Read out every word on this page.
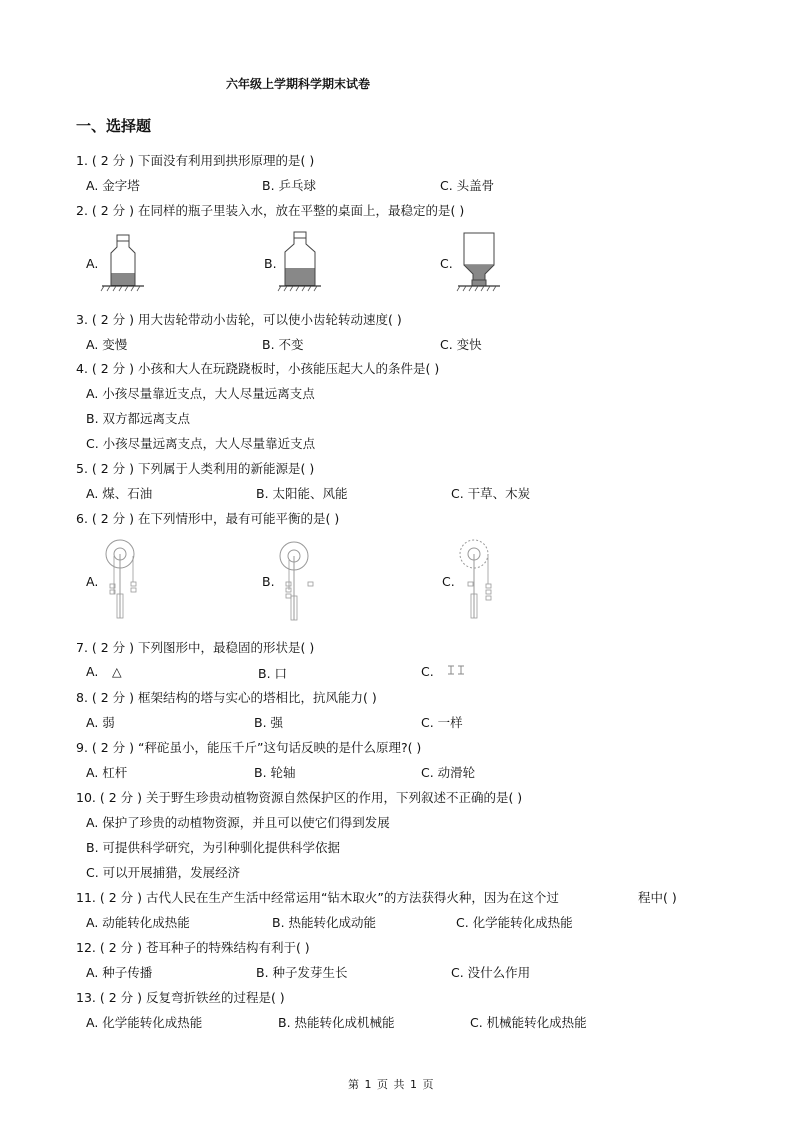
六年级上学期科学期末试卷
一、选择题
1. ( 2 分 ) 下面没有利用到拱形原理的是( )
A. 金字塔	B. 乒乓球	C. 头盖骨
2. ( 2 分 ) 在同样的瓶子里装入水，放在平整的桌面上，最稳定的是( )
A.	B.	C.
3. ( 2 分 ) 用大齿轮带动小齿轮，可以使小齿轮转动速度( )
A. 变慢	B. 不变	C. 变快
4. ( 2 分 ) 小孩和大人在玩跷跷板时，小孩能压起大人的条件是( )
A. 小孩尽量靠近支点，大人尽量远离支点
B. 双方都远离支点
C. 小孩尽量远离支点，大人尽量靠近支点
5. ( 2 分 ) 下列属于人类利用的新能源是( )
A. 煤、石油	B. 太阳能、风能	C. 干草、木炭
6. ( 2 分 ) 在下列情形中，最有可能平衡的是( )
A.	B.	C.
7. ( 2 分 ) 下列图形中，最稳固的形状是( )
A. △	B. 口	C.
8. ( 2 分 ) 框架结构的塔与实心的塔相比，抗风能力( )
A. 弱	B. 强	C. 一样
9. ( 2 分 ) “秤砣虽小，能压千斤”这句话反映的是什么原理?( )
A. 杠杆	B. 轮轴	C. 动滑轮
10. ( 2 分 ) 关于野生珍贵动植物资源自然保护区的作用，下列叙述不正确的是( )
A. 保护了珍贵的动植物资源，并且可以使它们得到发展
B. 可提供科学研究，为引种驯化提供科学依据
C. 可以开展捕猎，发展经济
11. ( 2 分 ) 古代人民在生产生活中经常运用“钻木取火”的方法获得火种，因为在这个过	程中( )
A. 动能转化成热能	B. 热能转化成动能	C. 化学能转化成热能
12. ( 2 分 ) 苍耳种子的特殊结构有利于( )
A. 种子传播	B. 种子发芽生长	C. 没什么作用
13. ( 2 分 ) 反复弯折铁丝的过程是( )
A. 化学能转化成热能	B. 热能转化成机械能	C. 机械能转化成热能
第 1 页 共 1 页
